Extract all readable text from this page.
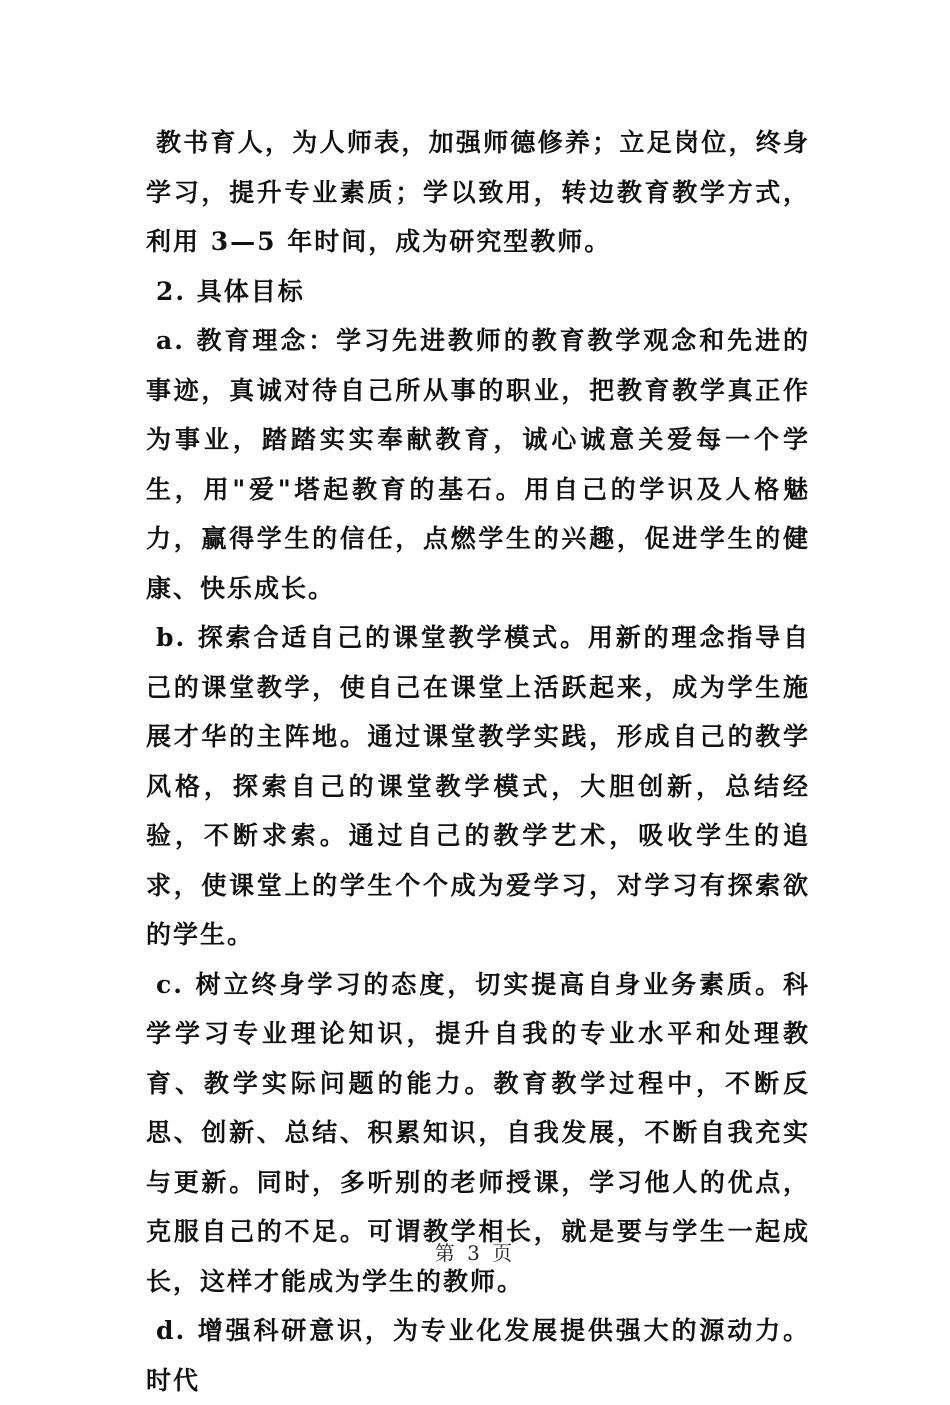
教书育人，为人师表，加强师德修养；立足岗位，终身学习，提升专业素质；学以致用，转边教育教学方式，利用 3—5 年时间，成为研究型教师。

2. 具体目标

a. 教育理念：学习先进教师的教育教学观念和先进的事迹，真诚对待自己所从事的职业，把教育教学真正作为事业，踏踏实实奉献教育，诚心诚意关爱每一个学生，用"爱"塔起教育的基石。用自己的学识及人格魅力，赢得学生的信任，点燃学生的兴趣，促进学生的健康、快乐成长。

b. 探索合适自己的课堂教学模式。用新的理念指导自己的课堂教学，使自己在课堂上活跃起来，成为学生施展才华的主阵地。通过课堂教学实践，形成自己的教学风格，探索自己的课堂教学模式，大胆创新，总结经验，不断求索。通过自己的教学艺术，吸收学生的追求，使课堂上的学生个个成为爱学习，对学习有探索欲的学生。

c. 树立终身学习的态度，切实提高自身业务素质。科学学习专业理论知识，提升自我的专业水平和处理教育、教学实际问题的能力。教育教学过程中，不断反思、创新、总结、积累知识，自我发展，不断自我充实与更新。同时，多听别的老师授课，学习他人的优点，克服自己的不足。可谓教学相长，就是要与学生一起成长，这样才能成为学生的教师。

d. 增强科研意识，为专业化发展提供强大的源动力。时代

第 3 页
